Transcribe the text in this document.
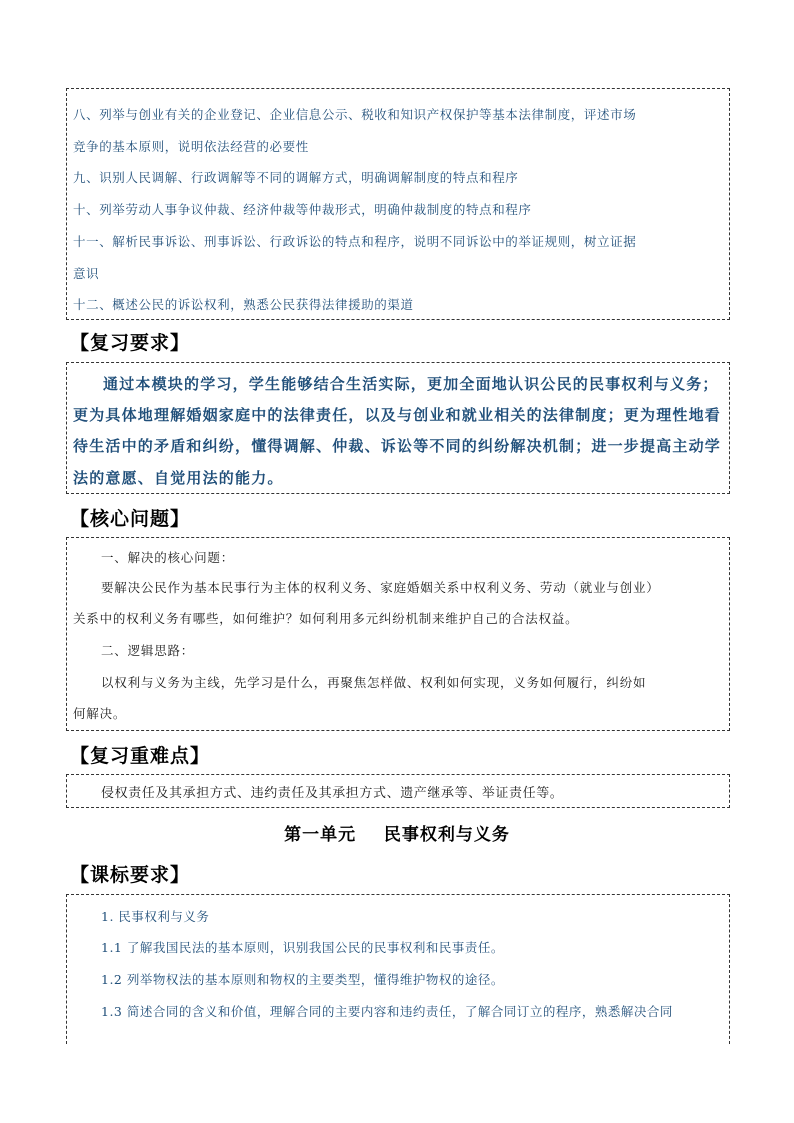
八、列举与创业有关的企业登记、企业信息公示、税收和知识产权保护等基本法律制度，评述市场
竞争的基本原则，说明依法经营的必要性
九、识别人民调解、行政调解等不同的调解方式，明确调解制度的特点和程序
十、列举劳动人事争议仲裁、经济仲裁等仲裁形式，明确仲裁制度的特点和程序
十一、解析民事诉讼、刑事诉讼、行政诉讼的特点和程序，说明不同诉讼中的举证规则，树立证据
意识
十二、概述公民的诉讼权利，熟悉公民获得法律援助的渠道
【复习要求】
通过本模块的学习，学生能够结合生活实际，更加全面地认识公民的民事权利与义务；
更为具体地理解婚姻家庭中的法律责任，以及与创业和就业相关的法律制度；更为理性地看
待生活中的矛盾和纠纷，懂得调解、仲裁、诉讼等不同的纠纷解决机制；进一步提高主动学
法的意愿、自觉用法的能力。
【核心问题】
一、解决的核心问题：
要解决公民作为基本民事行为主体的权利义务、家庭婚姻关系中权利义务、劳动（就业与创业）
关系中的权利义务有哪些，如何维护？如何利用多元纠纷机制来维护自己的合法权益。
二、逻辑思路：
以权利与义务为主线，先学习是什么，再聚焦怎样做、权利如何实现，义务如何履行，纠纷如
何解决。
【复习重难点】
侵权责任及其承担方式、违约责任及其承担方式、遗产继承等、举证责任等。
第一单元    民事权利与义务
【课标要求】
1. 民事权利与义务
1.1 了解我国民法的基本原则，识别我国公民的民事权利和民事责任。
1.2 列举物权法的基本原则和物权的主要类型，懂得维护物权的途径。
1.3 简述合同的含义和价值，理解合同的主要内容和违约责任，了解合同订立的程序，熟悉解决合同
